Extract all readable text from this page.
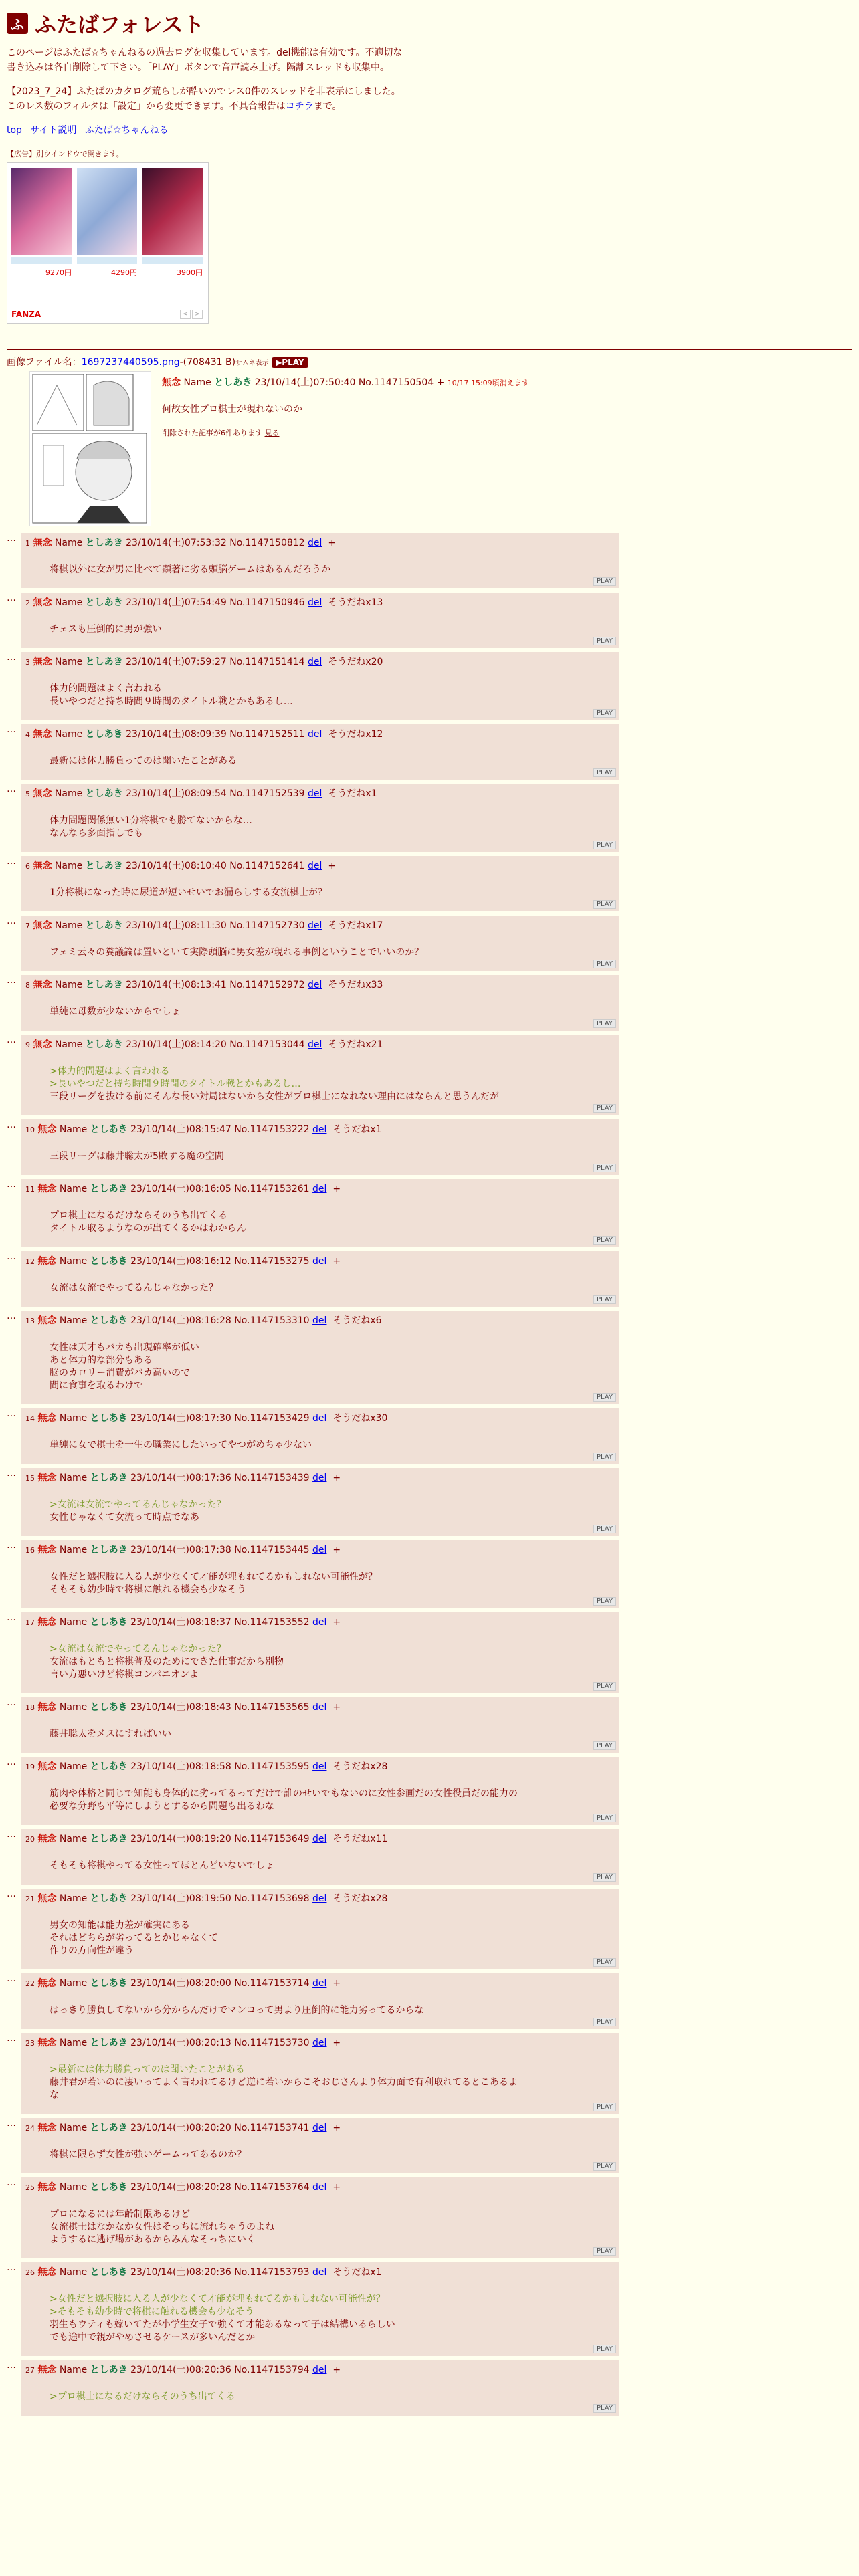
ふ ふたばフォレスト

このページはふたば☆ちゃんねるの過去ログを収集しています。del機能は有効です。不適切な書き込みは各自削除して下さい。「PLAY」ボタンで音声読み上げ。隔離スレッドも収集中。

【2023_7_24】ふたばのカタログ荒らしが酷いのでレス0件のスレッドを非表示にしました。このレス数のフィルタは「設定」から変更できます。不具合報告はコチラまで。

top サイト説明 ふたば☆ちゃんねる
【広告】別ウインドウで開きます。
9270円	4290円	3900円
FANZA	<	>
画像ファイル名：1697237440595.png-(708431 B)サムネ表示 ▶PLAY
無念 Name としあき 23/10/14(土)07:50:40 No.1147150504 + 10/17 15:09頃消えます
何故女性プロ棋士が現れないのか
削除された記事が6件あります 見る
…	1 無念 Name としあき 23/10/14(土)07:53:32 No.1147150812 del +
将棋以外に女が男に比べて顕著に劣る頭脳ゲームはあるんだろうか
PLAY
…	2 無念 Name としあき 23/10/14(土)07:54:49 No.1147150946 del そうだねx13
チェスも圧倒的に男が強い
PLAY
…	3 無念 Name としあき 23/10/14(土)07:59:27 No.1147151414 del そうだねx20
体力的問題はよく言われる
長いやつだと持ち時間９時間のタイトル戦とかもあるし…
PLAY
…	4 無念 Name としあき 23/10/14(土)08:09:39 No.1147152511 del そうだねx12
最新には体力勝負ってのは聞いたことがある
PLAY
…	5 無念 Name としあき 23/10/14(土)08:09:54 No.1147152539 del そうだねx1
体力問題関係無い1分将棋でも勝てないからな…
なんなら多面指しでも
PLAY
…	6 無念 Name としあき 23/10/14(土)08:10:40 No.1147152641 del +
1分将棋になった時に尿道が短いせいでお漏らしする女流棋士が？
PLAY
…	7 無念 Name としあき 23/10/14(土)08:11:30 No.1147152730 del そうだねx17
フェミ云々の糞議論は置いといて実際頭脳に男女差が現れる事例ということでいいのか？
PLAY
…	8 無念 Name としあき 23/10/14(土)08:13:41 No.1147152972 del そうだねx33
単純に母数が少ないからでしょ
PLAY
…	9 無念 Name としあき 23/10/14(土)08:14:20 No.1147153044 del そうだねx21
>体力的問題はよく言われる
>長いやつだと持ち時間９時間のタイトル戦とかもあるし…
三段リーグを抜ける前にそんな長い対局はないから女性がプロ棋士になれない理由にはならんと思うんだが
PLAY
…	10 無念 Name としあき 23/10/14(土)08:15:47 No.1147153222 del そうだねx1
三段リーグは藤井聡太が5敗する魔の空間
PLAY
…	11 無念 Name としあき 23/10/14(土)08:16:05 No.1147153261 del +
プロ棋士になるだけならそのうち出てくる
タイトル取るようなのが出てくるかはわからん
PLAY
…	12 無念 Name としあき 23/10/14(土)08:16:12 No.1147153275 del +
女流は女流でやってるんじゃなかった？
PLAY
…	13 無念 Name としあき 23/10/14(土)08:16:28 No.1147153310 del そうだねx6
女性は天才もバカも出現確率が低い
あと体力的な部分もある
脳のカロリー消費がバカ高いので
間に食事を取るわけで
PLAY
…	14 無念 Name としあき 23/10/14(土)08:17:30 No.1147153429 del そうだねx30
単純に女で棋士を一生の職業にしたいってやつがめちゃ少ない
PLAY
…	15 無念 Name としあき 23/10/14(土)08:17:36 No.1147153439 del +
>女流は女流でやってるんじゃなかった？
女性じゃなくて女流って時点でなあ
PLAY
…	16 無念 Name としあき 23/10/14(土)08:17:38 No.1147153445 del +
女性だと選択肢に入る人が少なくて才能が埋もれてるかもしれない可能性が？
そもそも幼少時で将棋に触れる機会も少なそう
PLAY
…	17 無念 Name としあき 23/10/14(土)08:18:37 No.1147153552 del +
>女流は女流でやってるんじゃなかった？
女流はもともと将棋普及のためにできた仕事だから別物
言い方悪いけど将棋コンパニオンよ
PLAY
…	18 無念 Name としあき 23/10/14(土)08:18:43 No.1147153565 del +
藤井聡太をメスにすればいい
PLAY
…	19 無念 Name としあき 23/10/14(土)08:18:58 No.1147153595 del そうだねx28
筋肉や体格と同じで知能も身体的に劣ってるってだけで誰のせいでもないのに女性参画だの女性役員だの能力の
必要な分野も平等にしようとするから問題も出るわな
PLAY
…	20 無念 Name としあき 23/10/14(土)08:19:20 No.1147153649 del そうだねx11
そもそも将棋やってる女性ってほとんどいないでしょ
PLAY
…	21 無念 Name としあき 23/10/14(土)08:19:50 No.1147153698 del そうだねx28
男女の知能は能力差が確実にある
それはどちらが劣ってるとかじゃなくて
作りの方向性が違う
PLAY
…	22 無念 Name としあき 23/10/14(土)08:20:00 No.1147153714 del +
はっきり勝負してないから分からんだけでマンコって男より圧倒的に能力劣ってるからな
PLAY
…	23 無念 Name としあき 23/10/14(土)08:20:13 No.1147153730 del +
>最新には体力勝負ってのは聞いたことがある
藤井君が若いのに凄いってよく言われてるけど逆に若いからこそおじさんより体力面で有利取れてるとこあるよ
な
PLAY
…	24 無念 Name としあき 23/10/14(土)08:20:20 No.1147153741 del +
将棋に限らず女性が強いゲームってあるのか？
PLAY
…	25 無念 Name としあき 23/10/14(土)08:20:28 No.1147153764 del +
プロになるには年齢制限あるけど
女流棋士はなかなか女性はそっちに流れちゃうのよね
ようするに逃げ場があるからみんなそっちにいく
PLAY
…	26 無念 Name としあき 23/10/14(土)08:20:36 No.1147153793 del そうだねx1
>女性だと選択肢に入る人が少なくて才能が埋もれてるかもしれない可能性が？
>そもそも幼少時で将棋に触れる機会も少なそう
羽生もウティも嫁いてたが小学生女子で強くて才能あるなって子は結構いるらしい
でも途中で親がやめさせるケースが多いんだとか
PLAY
…	27 無念 Name としあき 23/10/14(土)08:20:36 No.1147153794 del +
>プロ棋士になるだけならそのうち出てくる
PLAY
